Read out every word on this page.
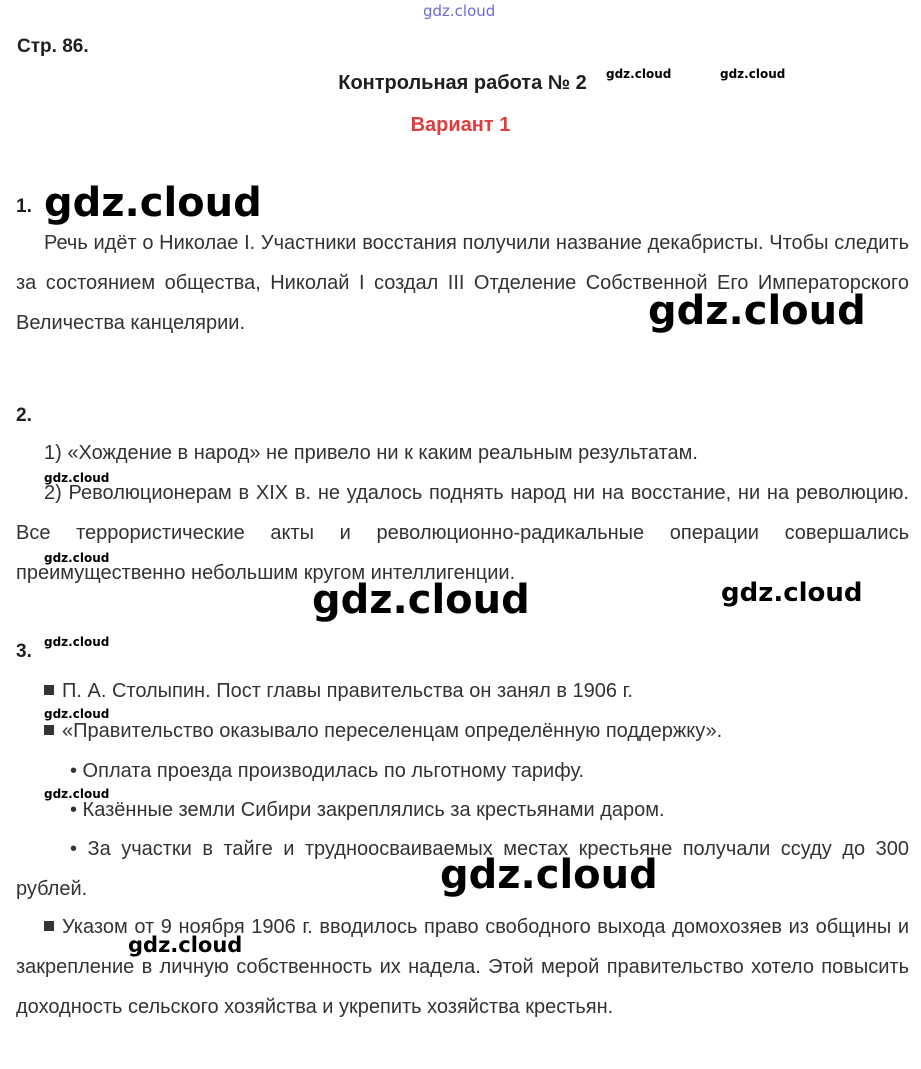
gdz.cloud
Стр. 86.
Контрольная работа № 2
Вариант 1
gdz.cloud	gdz.cloud
1. gdz.cloud
Речь идёт о Николае I. Участники восстания получили название декабристы. Чтобы следить за состоянием общества, Николай I создал III Отделение Собственной Его Императорского Величества канцелярии.	gdz.cloud
2.
1) «Хождение в народ» не привело ни к каким реальным результатам.
gdz.cloud
2) Революционерам в XIX в. не удалось поднять народ ни на восстание, ни на революцию. Все террористические акты и революционно-радикальные операции совершались преимущественно небольшим кругом интеллигенции.
gdz.cloud
gdz.cloud	gdz.cloud
gdz.cloud
3.
П. А. Столыпин. Пост главы правительства он занял в 1906 г.
gdz.cloud
«Правительство оказывало переселенцам определённую поддержку».
• Оплата проезда производилась по льготному тарифу.
gdz.cloud
• Казённые земли Сибири закреплялись за крестьянами даром.
• За участки в тайге и трудноосваиваемых местах крестьяне получали ссуду до 300 рублей.	gdz.cloud
Указом от 9 ноября 1906 г. вводилось право свободного выхода домохозяев из общины и закрепление в личную собственность их надела. Этой мерой правительство хотело повысить доходность сельского хозяйства и укрепить хозяйства крестьян.
gdz.cloud
